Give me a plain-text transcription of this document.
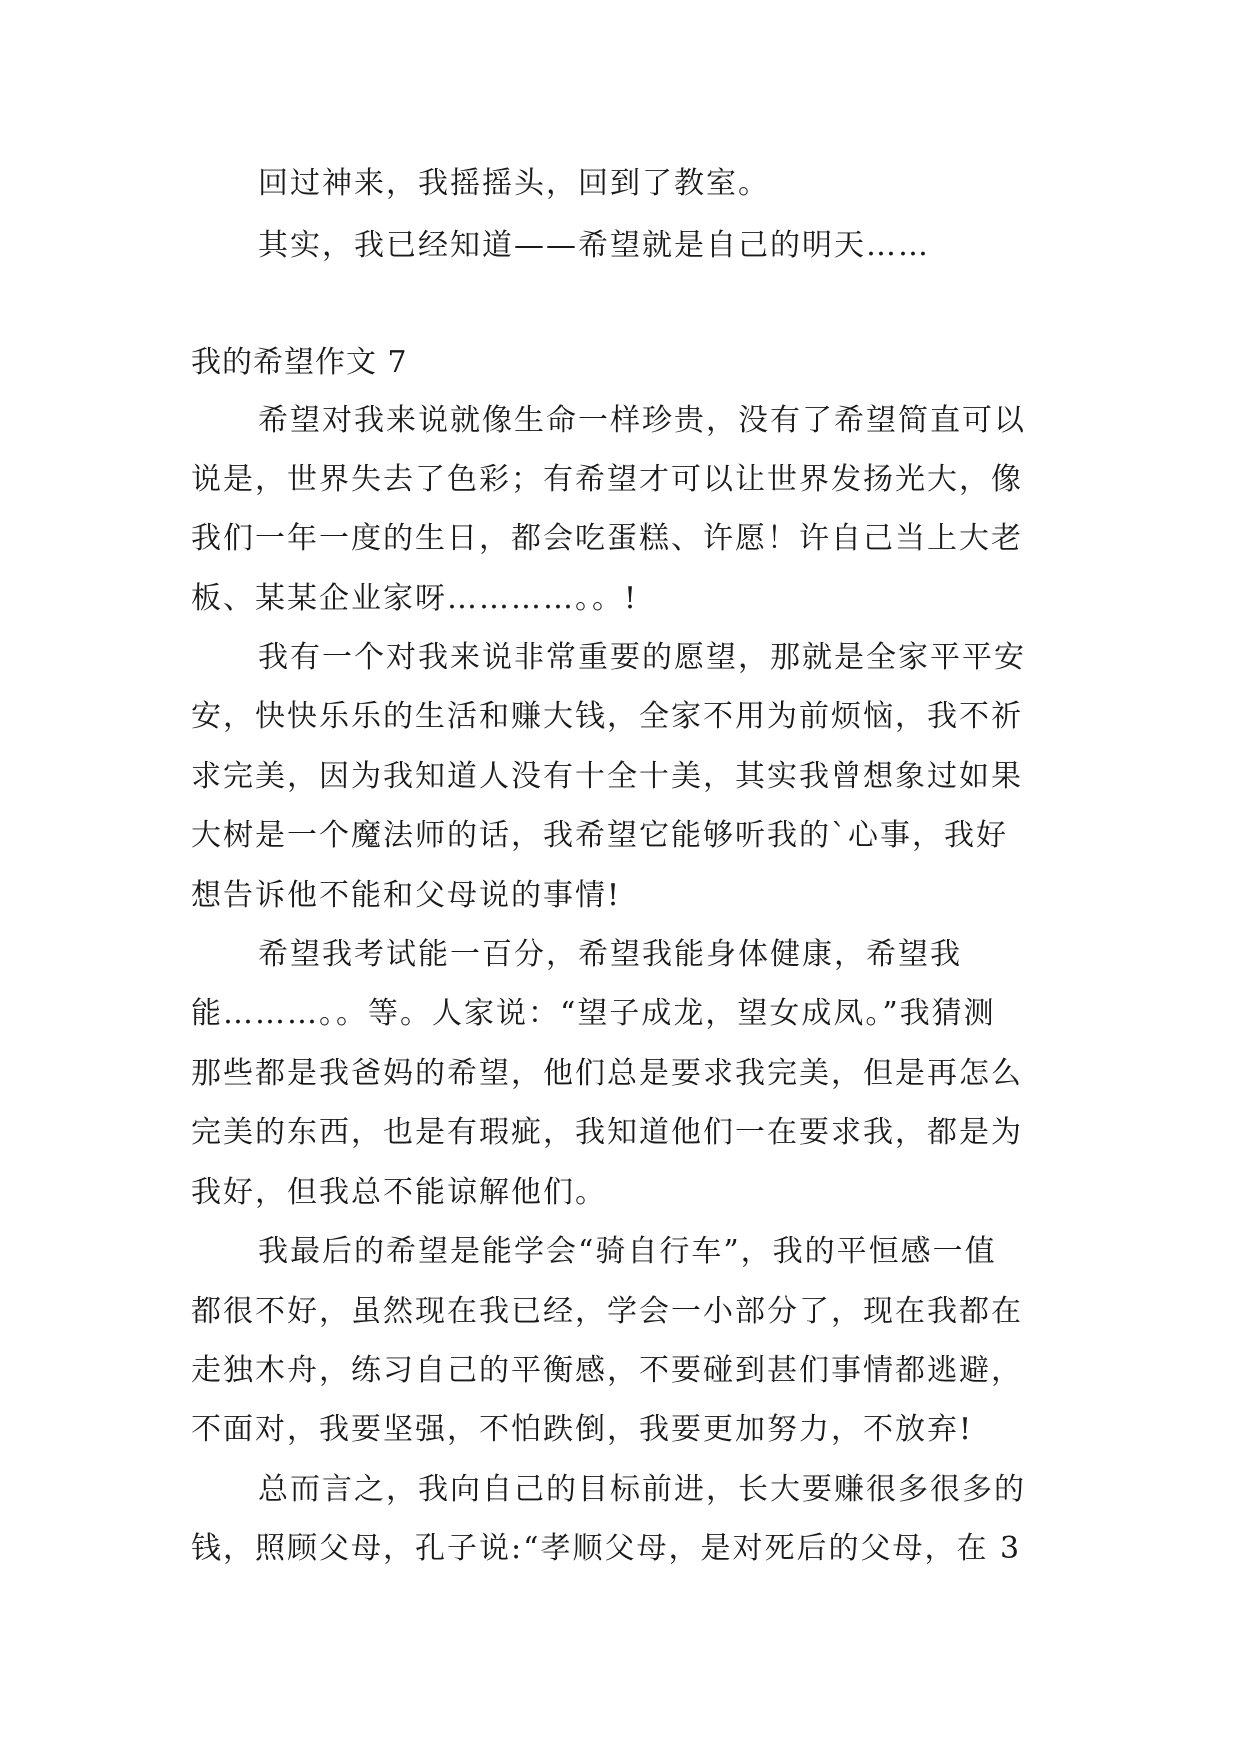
回过神来，我摇摇头，回到了教室。
其实，我已经知道——希望就是自己的明天……
我的希望作文 7
希望对我来说就像生命一样珍贵，没有了希望简直可以
说是，世界失去了色彩；有希望才可以让世界发扬光大，像
我们一年一度的生日，都会吃蛋糕、许愿！许自己当上大老
板、某某企业家呀…………。。!
我有一个对我来说非常重要的愿望，那就是全家平平安
安，快快乐乐的生活和赚大钱，全家不用为前烦恼，我不祈
求完美，因为我知道人没有十全十美，其实我曾想象过如果
大树是一个魔法师的话，我希望它能够听我的`心事，我好
想告诉他不能和父母说的事情!
希望我考试能一百分，希望我能身体健康，希望我
能………。。等。人家说：“望子成龙，望女成凤。”我猜测
那些都是我爸妈的希望，他们总是要求我完美，但是再怎么
完美的东西，也是有瑕疵，我知道他们一在要求我，都是为
我好，但我总不能谅解他们。
我最后的希望是能学会“骑自行车”，我的平恒感一值
都很不好，虽然现在我已经，学会一小部分了，现在我都在
走独木舟，练习自己的平衡感，不要碰到甚们事情都逃避，
不面对，我要坚强，不怕跌倒，我要更加努力，不放弃!
总而言之，我向自己的目标前进，长大要赚很多很多的
钱，照顾父母，孔子说:“孝顺父母，是对死后的父母，在 3
